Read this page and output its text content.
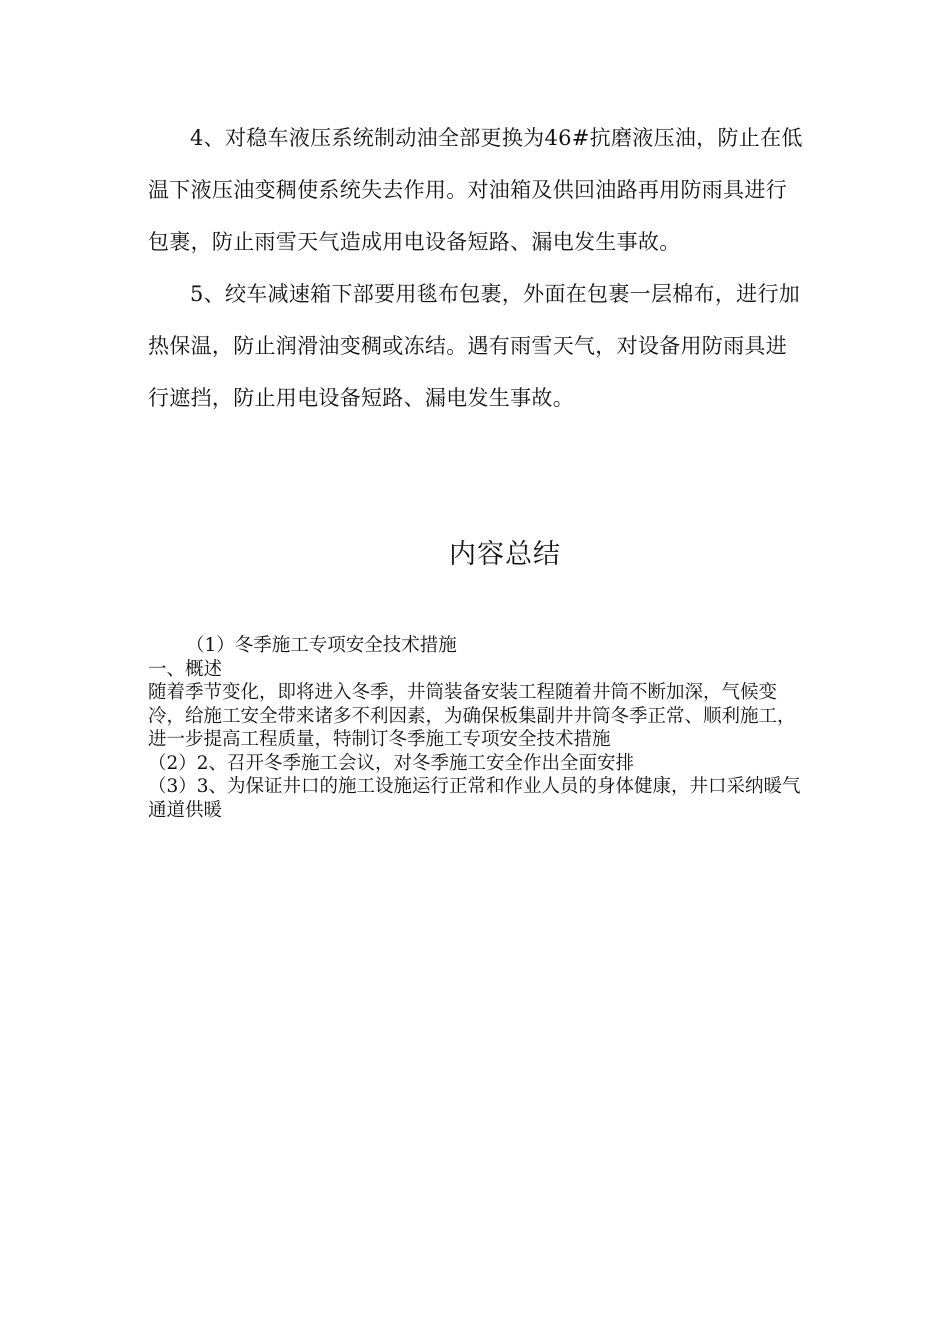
4、对稳车液压系统制动油全部更换为46#抗磨液压油，防止在低温下液压油变稠使系统失去作用。对油箱及供回油路再用防雨具进行包裹，防止雨雪天气造成用电设备短路、漏电发生事故。

5、绞车减速箱下部要用毯布包裹，外面在包裹一层棉布，进行加热保温，防止润滑油变稠或冻结。遇有雨雪天气，对设备用防雨具进行遮挡，防止用电设备短路、漏电发生事故。

内容总结

（1）冬季施工专项安全技术措施

一、概述

随着季节变化，即将进入冬季，井筒装备安装工程随着井筒不断加深，气候变冷，给施工安全带来诸多不利因素，为确保板集副井井筒冬季正常、顺利施工，进一步提高工程质量，特制订冬季施工专项安全技术措施

（2）2、召开冬季施工会议，对冬季施工安全作出全面安排

（3）3、为保证井口的施工设施运行正常和作业人员的身体健康，井口采纳暖气通道供暖
